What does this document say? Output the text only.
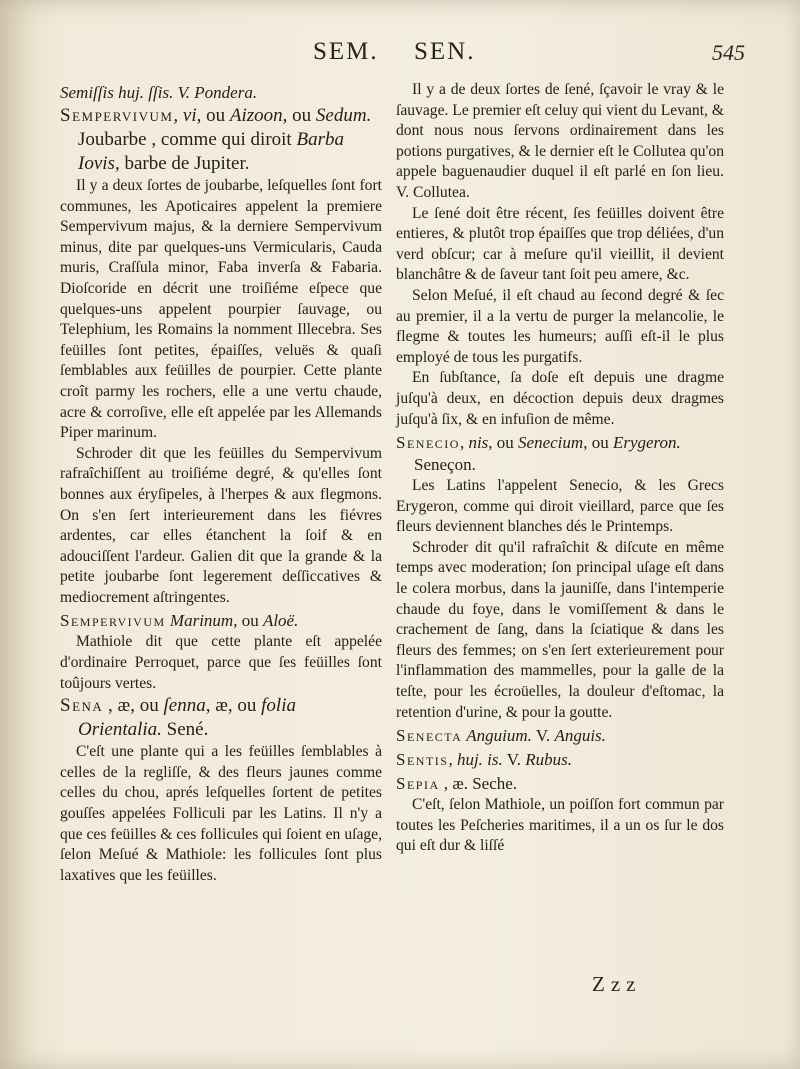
SEM. SEN.	545

Semiſſis huj. ſſis. V. Pondera.

Sempervivum, vi, ou Aizoon, ou Sedum. Joubarbe , comme qui diroit Barba Iovis, barbe de Jupiter.

Il y a deux ſortes de joubarbe, leſquelles ſont fort communes, les Apoticaires appelent la premiere Sempervivum majus, & la derniere Sempervivum minus, dite par quelques-uns Vermicularis, Cauda muris, Craſſula minor, Faba inverſa & Fabaria. Dioſcoride en décrit une troiſiéme eſpece que quelques-uns appelent pourpier ſauvage, ou Telephium, les Romains la nomment Illecebra. Ses feüilles ſont petites, épaiſſes, veluës & quaſi ſemblables aux feüilles de pourpier. Cette plante croît parmy les rochers, elle a une vertu chaude, acre & corroſive, elle eſt appelée par les Allemands Piper marinum.

Schroder dit que les feüilles du Sempervivum rafraîchiſſent au troiſiéme degré, & qu'elles ſont bonnes aux éryſipeles, à l'herpes & aux flegmons. On s'en ſert interieurement dans les fiévres ardentes, car elles étanchent la ſoif & en adouciſſent l'ardeur. Galien dit que la grande & la petite joubarbe ſont legerement deſſiccatives & mediocrement aſtringentes.

Sempervivum Marinum, ou Aloë.

Mathiole dit que cette plante eſt appelée d'ordinaire Perroquet, parce que ſes feüilles ſont toûjours vertes.

Sena , æ, ou ſenna, æ, ou folia Orientalia. Sené.

C'eſt une plante qui a les feüilles ſemblables à celles de la regliſſe, & des fleurs jaunes comme celles du chou, aprés leſquelles ſortent de petites gouſſes appelées Folliculi par les Latins. Il n'y a que ces feüilles & ces follicules qui ſoient en uſage, ſelon Meſué & Mathiole: les follicules ſont plus laxatives que les feüilles.

Il y a de deux ſortes de ſené, ſçavoir le vray & le ſauvage. Le premier eſt celuy qui vient du Levant, & dont nous nous ſervons ordinairement dans les potions purgatives, & le dernier eſt le Collutea qu'on appele baguenaudier duquel il eſt parlé en ſon lieu. V. Collutea.

Le ſené doit être récent, ſes feüilles doivent être entieres, & plutôt trop épaiſſes que trop déliées, d'un verd obſcur; car à meſure qu'il vieillit, il devient blanchâtre & de ſaveur tant ſoit peu amere, &c.

Selon Meſué, il eſt chaud au ſecond degré & ſec au premier, il a la vertu de purger la melancolie, le flegme & toutes les humeurs; auſſi eſt-il le plus employé de tous les purgatifs.

En ſubſtance, ſa doſe eſt depuis une dragme juſqu'à deux, en décoction depuis deux dragmes juſqu'à ſix, & en infuſion de même.

Senecio, nis, ou Senecium, ou Erygeron. Seneçon.

Les Latins l'appelent Senecio, & les Grecs Erygeron, comme qui diroit vieillard, parce que ſes fleurs deviennent blanches dés le Printemps.

Schroder dit qu'il rafraîchit & diſcute en même temps avec moderation; ſon principal uſage eſt dans le colera morbus, dans la jauniſſe, dans l'intemperie chaude du foye, dans le vomiſſement & dans le crachement de ſang, dans la ſciatique & dans les fleurs des femmes; on s'en ſert exterieurement pour l'inflammation des mammelles, pour la galle de la teſte, pour les écroüelles, la douleur d'eſtomac, la retention d'urine, & pour la goutte.

Senecta Anguium. V. Anguis.

Sentis, huj. is. V. Rubus.

Sepia , æ. Seche.

C'eſt, ſelon Mathiole, un poiſſon fort commun par toutes les Peſcheries maritimes, il a un os ſur le dos qui eſt dur & liſſé

Zzz
